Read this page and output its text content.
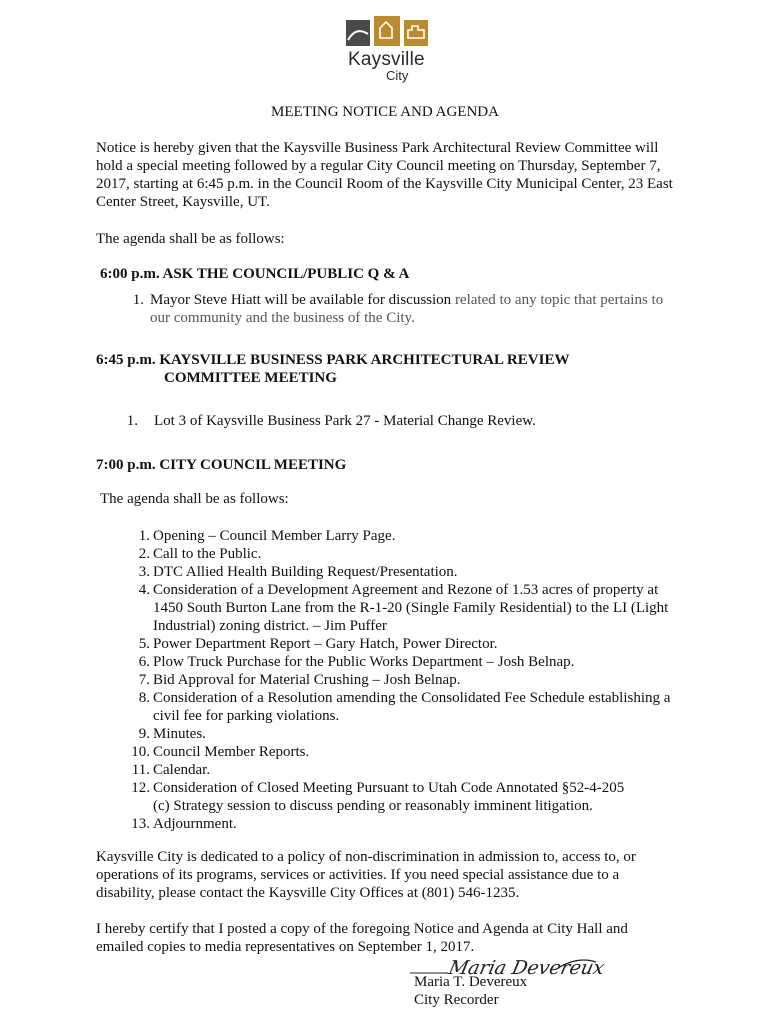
Kaysville
City
MEETING NOTICE AND AGENDA
Notice is hereby given that the Kaysville Business Park Architectural Review Committee will
hold a special meeting followed by a regular City Council meeting on Thursday, September 7,
2017, starting at 6:45 p.m. in the Council Room of the Kaysville City Municipal Center, 23 East
Center Street, Kaysville, UT.
The agenda shall be as follows:
6:00 p.m. ASK THE COUNCIL/PUBLIC Q & A
1. Mayor Steve Hiatt will be available for discussion related to any topic that pertains to
our community and the business of the City.
6:45 p.m. KAYSVILLE BUSINESS PARK ARCHITECTURAL REVIEW
COMMITTEE MEETING
1. Lot 3 of Kaysville Business Park 27 - Material Change Review.
7:00 p.m. CITY COUNCIL MEETING
The agenda shall be as follows:
1. Opening – Council Member Larry Page.
2. Call to the Public.
3. DTC Allied Health Building Request/Presentation.
4. Consideration of a Development Agreement and Rezone of 1.53 acres of property at
1450 South Burton Lane from the R-1-20 (Single Family Residential) to the LI (Light
Industrial) zoning district. – Jim Puffer
5. Power Department Report – Gary Hatch, Power Director.
6. Plow Truck Purchase for the Public Works Department – Josh Belnap.
7. Bid Approval for Material Crushing – Josh Belnap.
8. Consideration of a Resolution amending the Consolidated Fee Schedule establishing a
civil fee for parking violations.
9. Minutes.
10. Council Member Reports.
11. Calendar.
12. Consideration of Closed Meeting Pursuant to Utah Code Annotated §52-4-205
(c) Strategy session to discuss pending or reasonably imminent litigation.
13. Adjournment.
Kaysville City is dedicated to a policy of non-discrimination in admission to, access to, or
operations of its programs, services or activities. If you need special assistance due to a
disability, please contact the Kaysville City Offices at (801) 546-1235.
I hereby certify that I posted a copy of the foregoing Notice and Agenda at City Hall and
emailed copies to media representatives on September 1, 2017.
Maria Devereux
Maria T. Devereux
City Recorder
